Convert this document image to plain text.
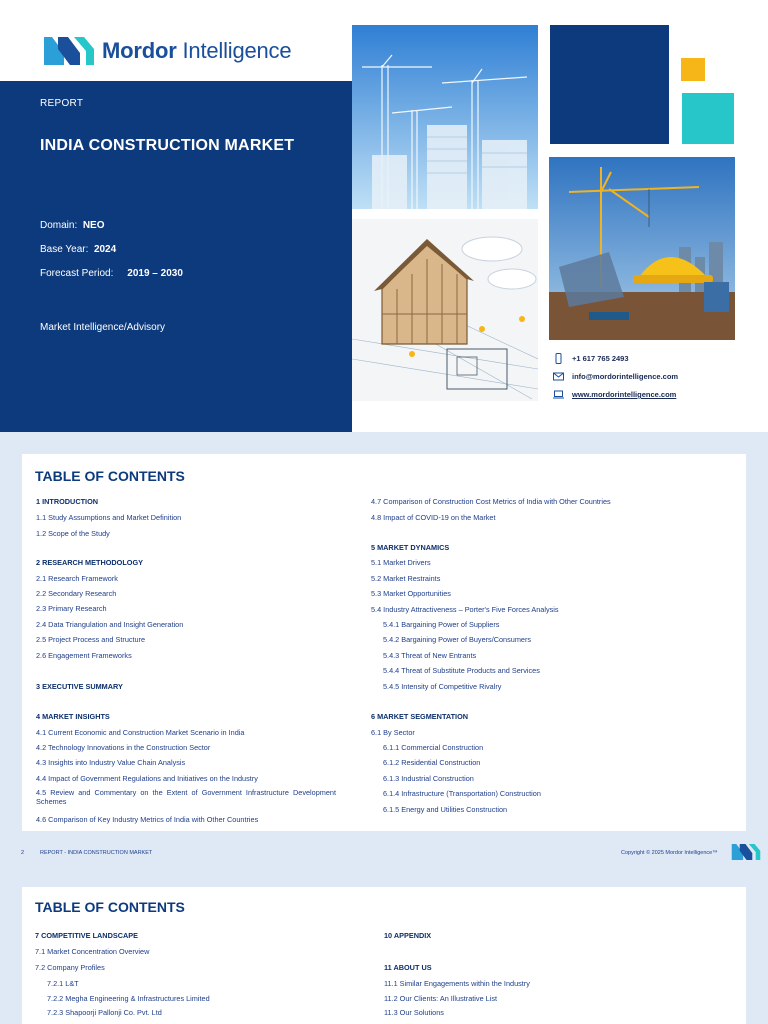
Mordor Intelligence
REPORT
INDIA CONSTRUCTION MARKET
Domain: NEO
Base Year: 2024
Forecast Period: 2019 – 2030
Market Intelligence/Advisory
+1 617 765 2493
info@mordorintelligence.com
www.mordorintelligence.com
TABLE OF CONTENTS
1 INTRODUCTION
1.1 Study Assumptions and Market Definition
1.2 Scope of the Study
2 RESEARCH METHODOLOGY
2.1 Research Framework
2.2 Secondary Research
2.3 Primary Research
2.4 Data Triangulation and Insight Generation
2.5 Project Process and Structure
2.6 Engagement Frameworks
3 EXECUTIVE SUMMARY
4 MARKET INSIGHTS
4.1 Current Economic and Construction Market Scenario in India
4.2 Technology Innovations in the Construction Sector
4.3 Insights into Industry Value Chain Analysis
4.4 Impact of Government Regulations and Initiatives on the Industry
4.5 Review and Commentary on the Extent of Government Infrastructure Development Schemes
4.6 Comparison of Key Industry Metrics of India with Other Countries
4.7 Comparison of Construction Cost Metrics of India with Other Countries
4.8 Impact of COVID-19 on the Market
5 MARKET DYNAMICS
5.1 Market Drivers
5.2 Market Restraints
5.3 Market Opportunities
5.4 Industry Attractiveness – Porter's Five Forces Analysis
5.4.1 Bargaining Power of Suppliers
5.4.2 Bargaining Power of Buyers/Consumers
5.4.3 Threat of New Entrants
5.4.4 Threat of Substitute Products and Services
5.4.5 Intensity of Competitive Rivalry
6 MARKET SEGMENTATION
6.1 By Sector
6.1.1 Commercial Construction
6.1.2 Residential Construction
6.1.3 Industrial Construction
6.1.4 Infrastructure (Transportation) Construction
6.1.5 Energy and Utilities Construction
2	REPORT - INDIA CONSTRUCTION MARKET	Copyright © 2025 Mordor Intelligence™
TABLE OF CONTENTS
7 COMPETITIVE LANDSCAPE
7.1 Market Concentration Overview
7.2 Company Profiles
7.2.1 L&T
7.2.2 Megha Engineering & Infrastructures Limited
7.2.3 Shapoorji Pallonji Co. Pvt. Ltd
10 APPENDIX
11 ABOUT US
11.1 Similar Engagements within the Industry
11.2 Our Clients: An Illustrative List
11.3 Our Solutions
